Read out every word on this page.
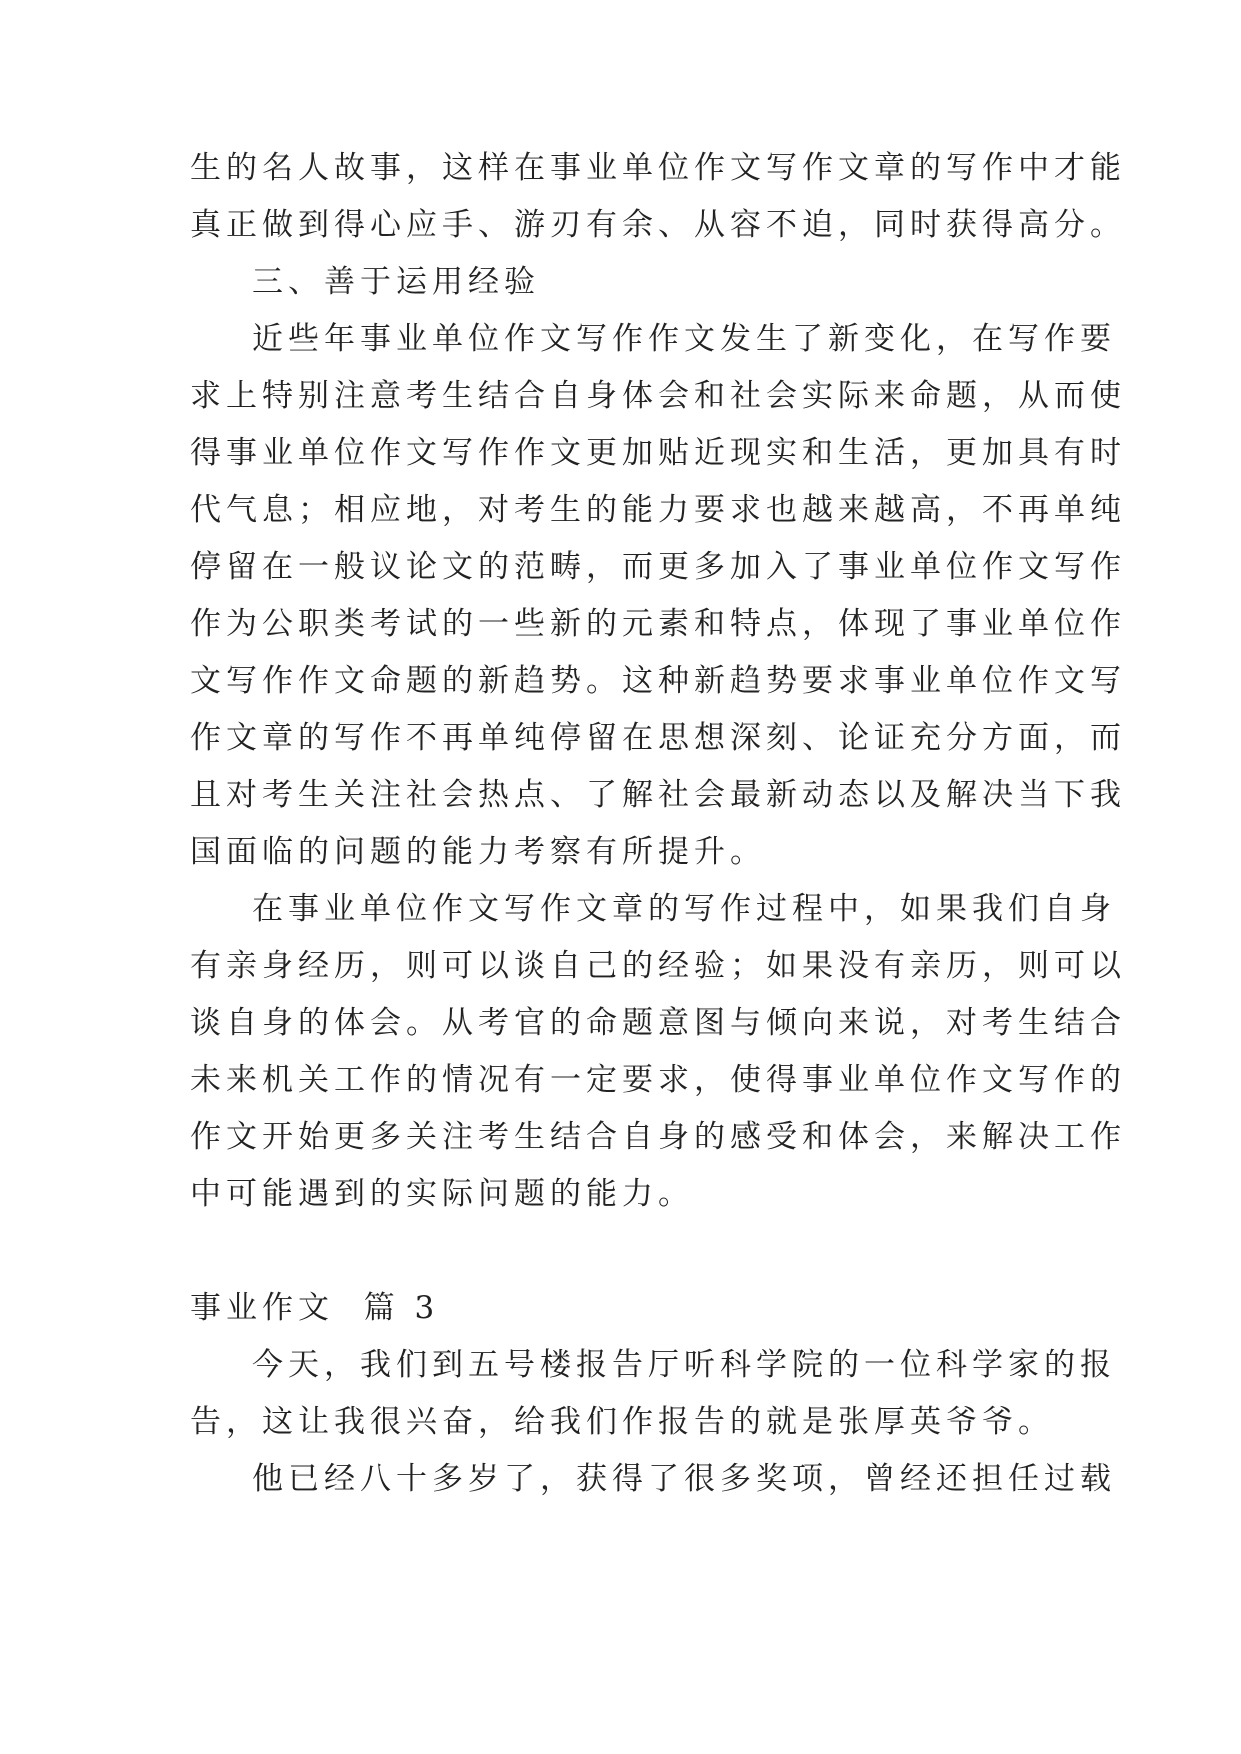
生的名人故事，这样在事业单位作文写作文章的写作中才能
真正做到得心应手、游刃有余、从容不迫，同时获得高分。
三、善于运用经验
近些年事业单位作文写作作文发生了新变化，在写作要
求上特别注意考生结合自身体会和社会实际来命题，从而使
得事业单位作文写作作文更加贴近现实和生活，更加具有时
代气息；相应地，对考生的能力要求也越来越高，不再单纯
停留在一般议论文的范畴，而更多加入了事业单位作文写作
作为公职类考试的一些新的元素和特点，体现了事业单位作
文写作作文命题的新趋势。这种新趋势要求事业单位作文写
作文章的写作不再单纯停留在思想深刻、论证充分方面，而
且对考生关注社会热点、了解社会最新动态以及解决当下我
国面临的问题的能力考察有所提升。
在事业单位作文写作文章的写作过程中，如果我们自身
有亲身经历，则可以谈自己的经验；如果没有亲历，则可以
谈自身的体会。从考官的命题意图与倾向来说，对考生结合
未来机关工作的情况有一定要求，使得事业单位作文写作的
作文开始更多关注考生结合自身的感受和体会，来解决工作
中可能遇到的实际问题的能力。
事业作文  篇 3
今天，我们到五号楼报告厅听科学院的一位科学家的报
告，这让我很兴奋，给我们作报告的就是张厚英爷爷。
他已经八十多岁了，获得了很多奖项，曾经还担任过载
